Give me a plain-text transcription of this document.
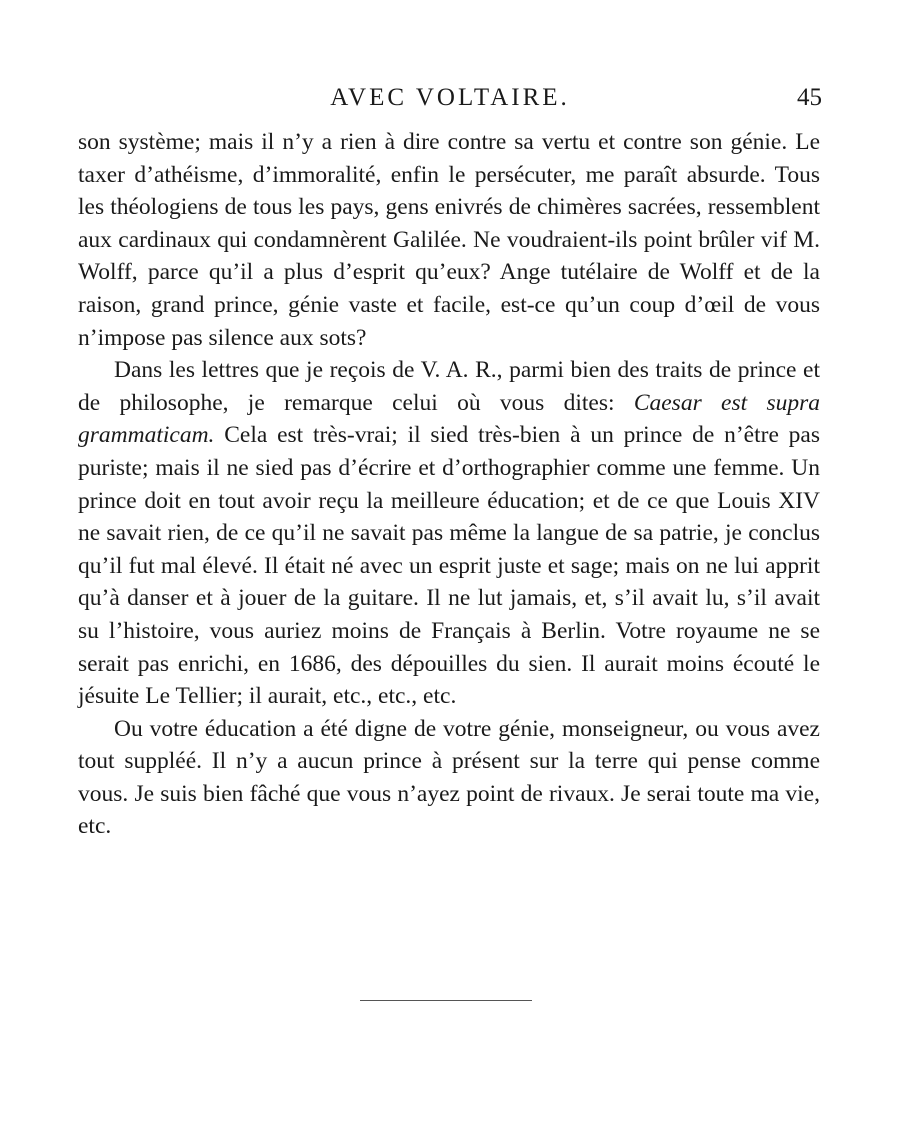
AVEC VOLTAIRE.	45

son système; mais il n’y a rien à dire contre sa vertu et contre son génie. Le taxer d’athéisme, d’immoralité, enfin le persécuter, me paraît absurde. Tous les théologiens de tous les pays, gens enivrés de chimères sacrées, ressemblent aux cardinaux qui condamnèrent Galilée. Ne voudraient-ils point brûler vif M. Wolff, parce qu’il a plus d’esprit qu’eux? Ange tutélaire de Wolff et de la raison, grand prince, génie vaste et facile, est-ce qu’un coup d’œil de vous n’impose pas silence aux sots?

Dans les lettres que je reçois de V. A. R., parmi bien des traits de prince et de philosophe, je remarque celui où vous dites: Caesar est supra grammaticam. Cela est très-vrai; il sied très-bien à un prince de n’être pas puriste; mais il ne sied pas d’écrire et d’orthographier comme une femme. Un prince doit en tout avoir reçu la meilleure éducation; et de ce que Louis XIV ne savait rien, de ce qu’il ne savait pas même la langue de sa patrie, je conclus qu’il fut mal élevé. Il était né avec un esprit juste et sage; mais on ne lui apprit qu’à danser et à jouer de la guitare. Il ne lut jamais, et, s’il avait lu, s’il avait su l’histoire, vous auriez moins de Français à Berlin. Votre royaume ne se serait pas enrichi, en 1686, des dépouilles du sien. Il aurait moins écouté le jésuite Le Tellier; il aurait, etc., etc., etc.

Ou votre éducation a été digne de votre génie, monseigneur, ou vous avez tout suppléé. Il n’y a aucun prince à présent sur la terre qui pense comme vous. Je suis bien fâché que vous n’ayez point de rivaux. Je serai toute ma vie, etc.
